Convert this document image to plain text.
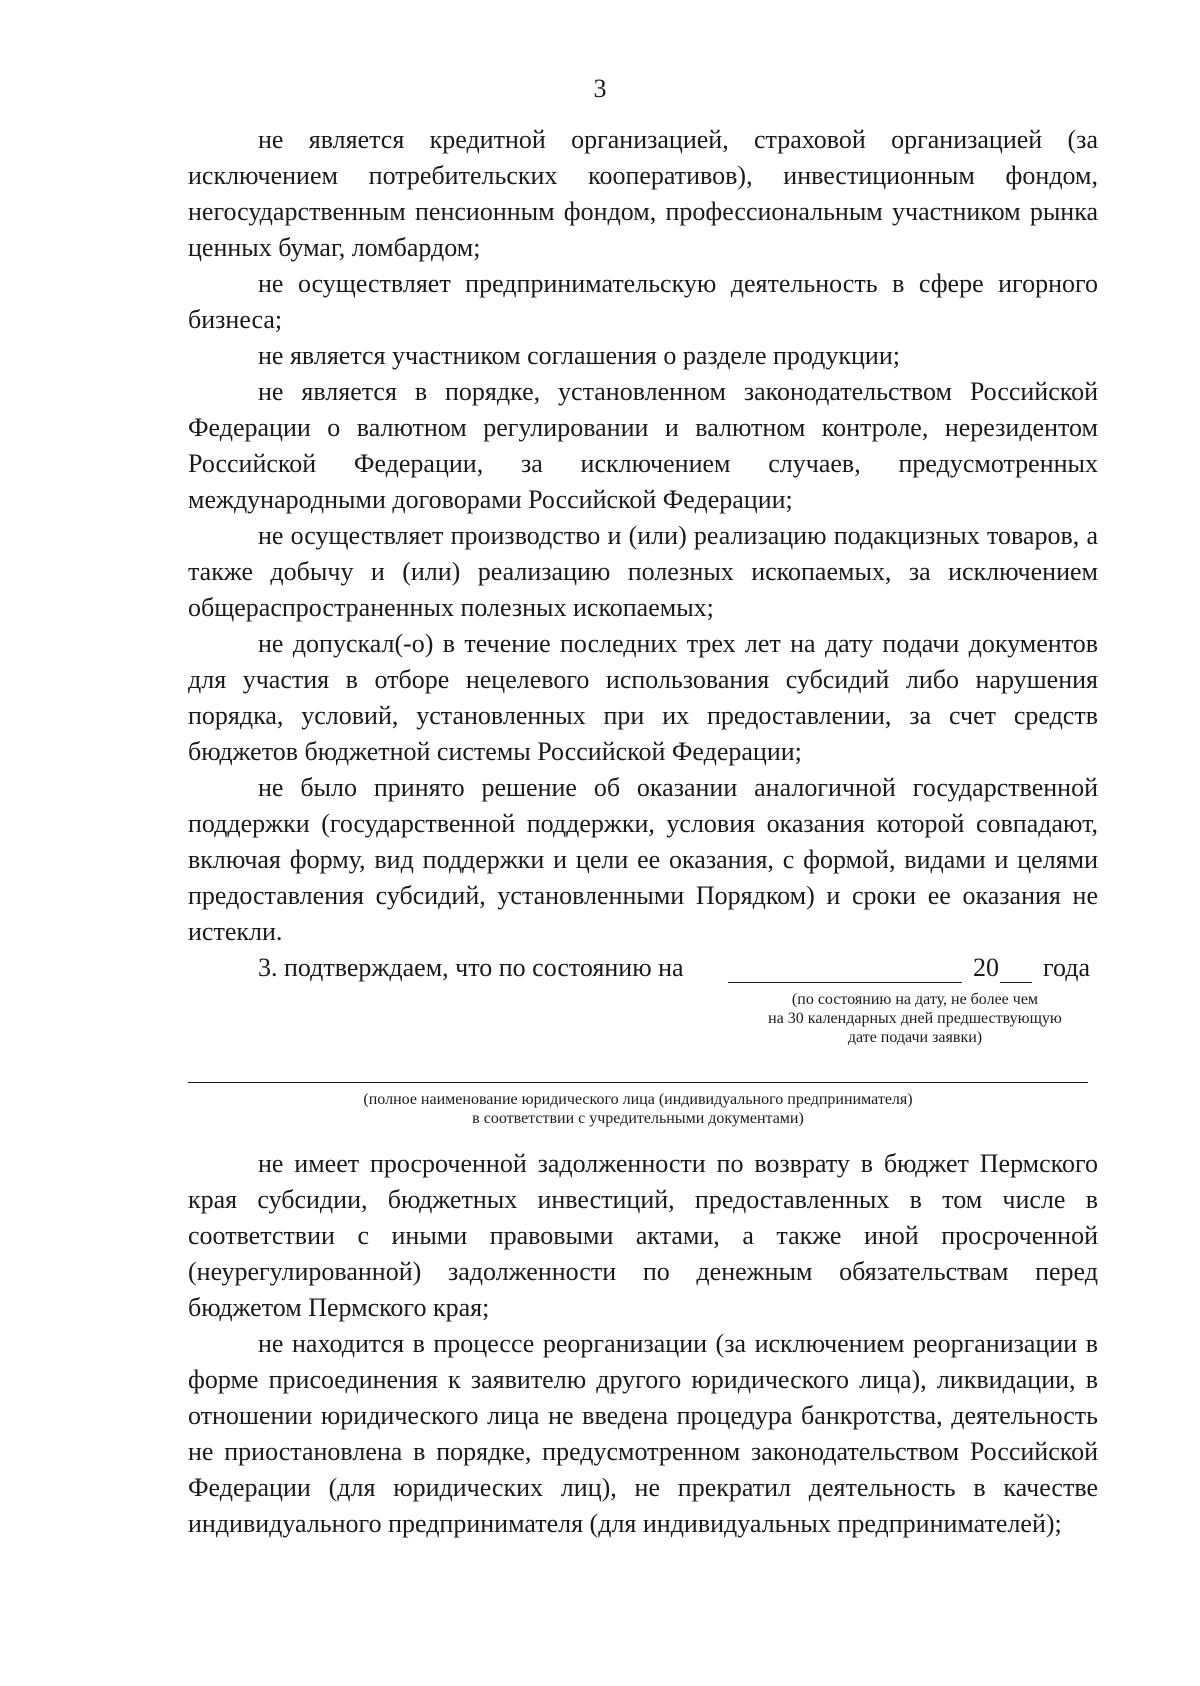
3

не является кредитной организацией, страховой организацией (за исключением потребительских кооперативов), инвестиционным фондом, негосударственным пенсионным фондом, профессиональным участником рынка ценных бумаг, ломбардом;

не осуществляет предпринимательскую деятельность в сфере игорного бизнеса;

не является участником соглашения о разделе продукции;

не является в порядке, установленном законодательством Российской Федерации о валютном регулировании и валютном контроле, нерезидентом Российской Федерации, за исключением случаев, предусмотренных международными договорами Российской Федерации;

не осуществляет производство и (или) реализацию подакцизных товаров, а также добычу и (или) реализацию полезных ископаемых, за исключением общераспространенных полезных ископаемых;

не допускал(-о) в течение последних трех лет на дату подачи документов для участия в отборе нецелевого использования субсидий либо нарушения порядка, условий, установленных при их предоставлении, за счет средств бюджетов бюджетной системы Российской Федерации;

не было принято решение об оказании аналогичной государственной поддержки (государственной поддержки, условия оказания которой совпадают, включая форму, вид поддержки и цели ее оказания, с формой, видами и целями предоставления субсидий, установленными Порядком) и сроки ее оказания не истекли.

3. подтверждаем, что по состоянию на	20 года
(по состоянию на дату, не более чем
на 30 календарных дней предшествующую
дате подачи заявки)
(полное наименование юридического лица (индивидуального предпринимателя)
в соответствии с учредительными документами)

не имеет просроченной задолженности по возврату в бюджет Пермского края субсидии, бюджетных инвестиций, предоставленных в том числе в соответствии с иными правовыми актами, а также иной просроченной (неурегулированной) задолженности по денежным обязательствам перед бюджетом Пермского края;

не находится в процессе реорганизации (за исключением реорганизации в форме присоединения к заявителю другого юридического лица), ликвидации, в отношении юридического лица не введена процедура банкротства, деятельность не приостановлена в порядке, предусмотренном законодательством Российской Федерации (для юридических лиц), не прекратил деятельность в качестве индивидуального предпринимателя (для индивидуальных предпринимателей);
